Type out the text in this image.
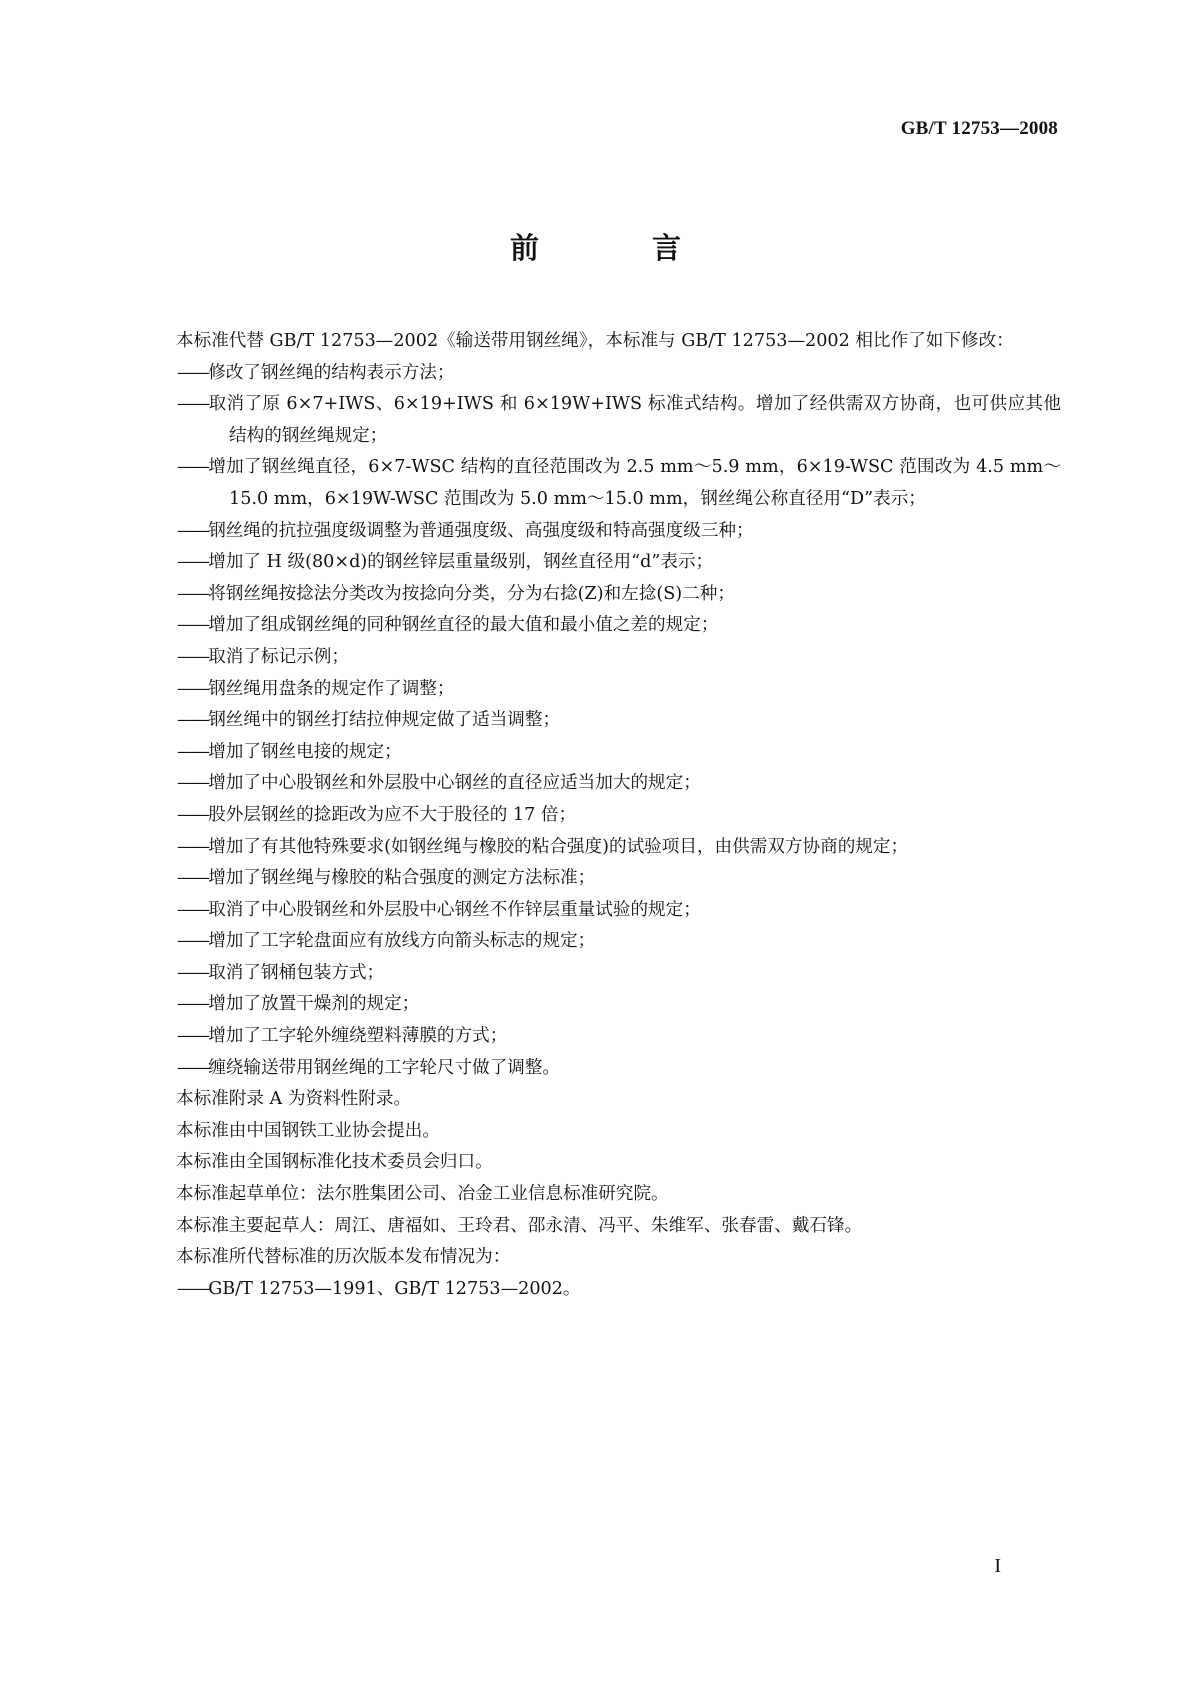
GB/T 12753—2008
前　言

本标准代替 GB/T 12753—2002《输送带用钢丝绳》，本标准与 GB/T 12753—2002 相比作了如下修改：

—— 修改了钢丝绳的结构表示方法；
—— 取消了原 6×7+IWS、6×19+IWS 和 6×19W+IWS 标准式结构。增加了经供需双方协商，也可供应其他结构的钢丝绳规定；
—— 增加了钢丝绳直径，6×7-WSC 结构的直径范围改为 2.5 mm～5.9 mm，6×19-WSC 范围改为 4.5 mm～15.0 mm，6×19W-WSC 范围改为 5.0 mm～15.0 mm，钢丝绳公称直径用“D”表示；
—— 钢丝绳的抗拉强度级调整为普通强度级、高强度级和特高强度级三种；
—— 增加了 H 级(80×d)的钢丝锌层重量级别，钢丝直径用“d”表示；
—— 将钢丝绳按捻法分类改为按捻向分类，分为右捻(Z)和左捻(S)二种；
—— 增加了组成钢丝绳的同种钢丝直径的最大值和最小值之差的规定；
—— 取消了标记示例；
—— 钢丝绳用盘条的规定作了调整；
—— 钢丝绳中的钢丝打结拉伸规定做了适当调整；
—— 增加了钢丝电接的规定；
—— 增加了中心股钢丝和外层股中心钢丝的直径应适当加大的规定；
—— 股外层钢丝的捻距改为应不大于股径的 17 倍；
—— 增加了有其他特殊要求(如钢丝绳与橡胶的粘合强度)的试验项目，由供需双方协商的规定；
—— 增加了钢丝绳与橡胶的粘合强度的测定方法标准；
—— 取消了中心股钢丝和外层股中心钢丝不作锌层重量试验的规定；
—— 增加了工字轮盘面应有放线方向箭头标志的规定；
—— 取消了钢桶包装方式；
—— 增加了放置干燥剂的规定；
—— 增加了工字轮外缠绕塑料薄膜的方式；
—— 缠绕输送带用钢丝绳的工字轮尺寸做了调整。

本标准附录 A 为资料性附录。

本标准由中国钢铁工业协会提出。

本标准由全国钢标准化技术委员会归口。

本标准起草单位：法尔胜集团公司、冶金工业信息标准研究院。

本标准主要起草人：周江、唐福如、王玲君、邵永清、冯平、朱维军、张春雷、戴石锋。

本标准所代替标准的历次版本发布情况为：

—— GB/T 12753—1991、GB/T 12753—2002。
I
